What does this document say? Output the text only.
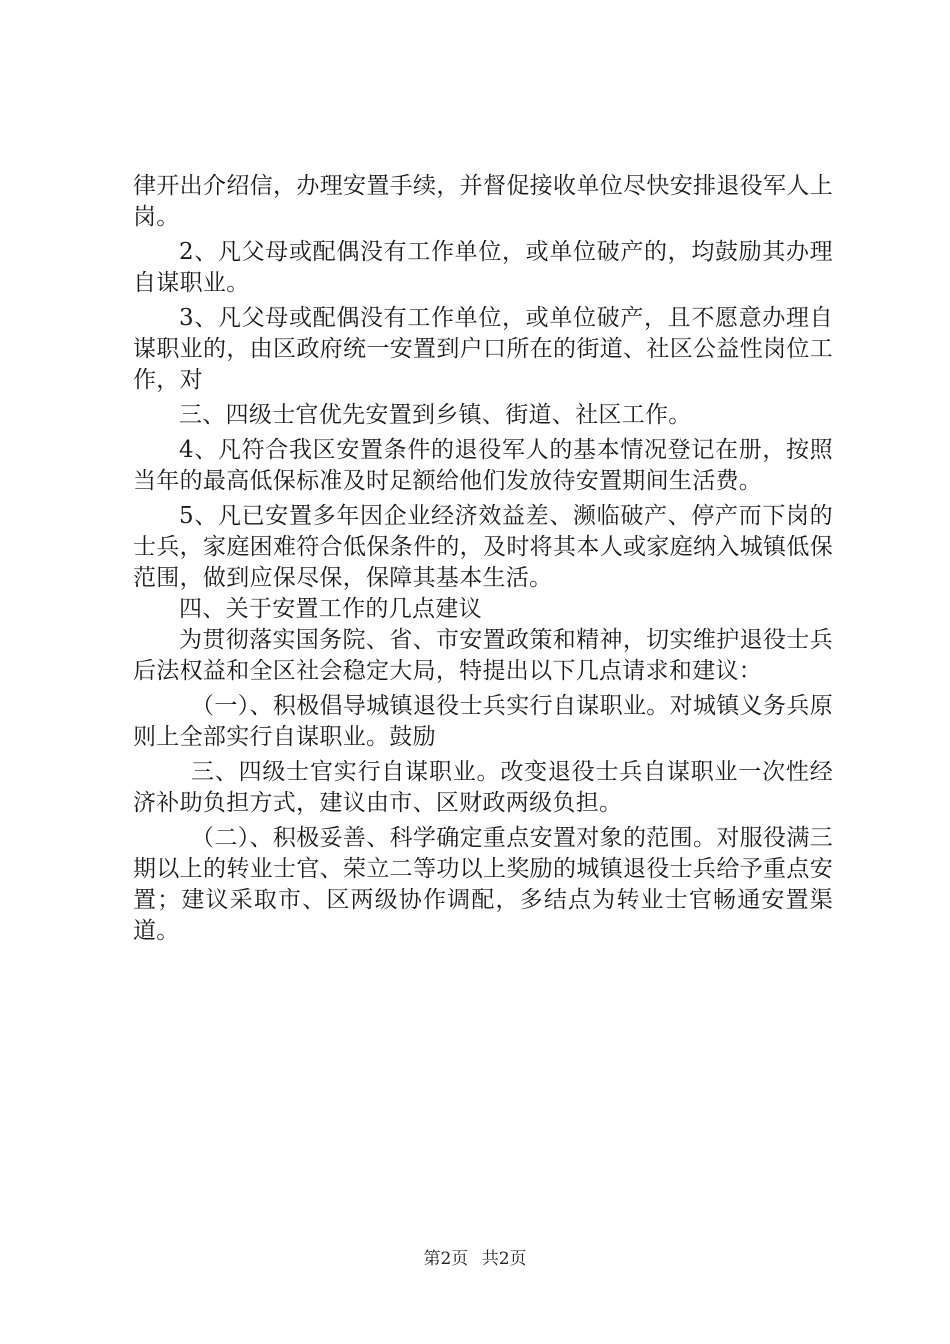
律开出介绍信，办理安置手续，并督促接收单位尽快安排退役军人上岗。

2、凡父母或配偶没有工作单位，或单位破产的，均鼓励其办理自谋职业。

3、凡父母或配偶没有工作单位，或单位破产，且不愿意办理自谋职业的，由区政府统一安置到户口所在的街道、社区公益性岗位工作，对

三、四级士官优先安置到乡镇、街道、社区工作。

4、凡符合我区安置条件的退役军人的基本情况登记在册，按照当年的最高低保标准及时足额给他们发放待安置期间生活费。

5、凡已安置多年因企业经济效益差、濒临破产、停产而下岗的士兵，家庭困难符合低保条件的，及时将其本人或家庭纳入城镇低保范围，做到应保尽保，保障其基本生活。

四、关于安置工作的几点建议

为贯彻落实国务院、省、市安置政策和精神，切实维护退役士兵后法权益和全区社会稳定大局，特提出以下几点请求和建议：

（一）、积极倡导城镇退役士兵实行自谋职业。对城镇义务兵原则上全部实行自谋职业。鼓励

三、四级士官实行自谋职业。改变退役士兵自谋职业一次性经济补助负担方式，建议由市、区财政两级负担。

（二）、积极妥善、科学确定重点安置对象的范围。对服役满三期以上的转业士官、荣立二等功以上奖励的城镇退役士兵给予重点安置；建议采取市、区两级协作调配，多结点为转业士官畅通安置渠道。

第2页 共2页
